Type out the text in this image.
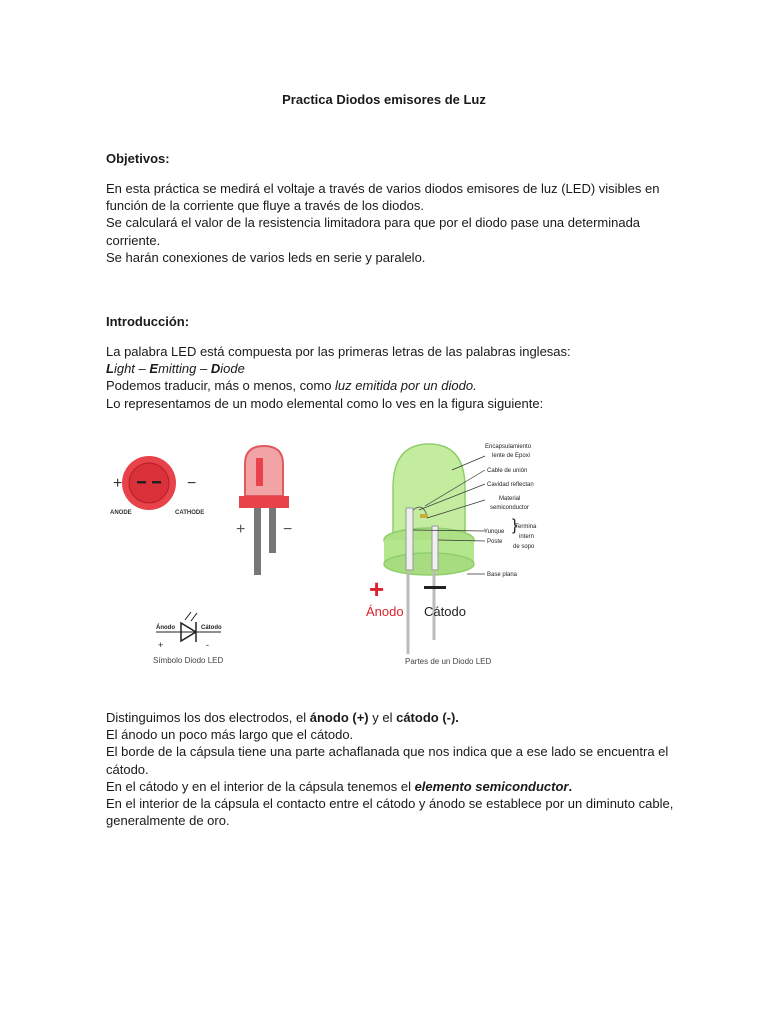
Practica Diodos emisores de Luz
Objetivos:
En esta práctica se medirá el voltaje a través de varios diodos emisores de luz (LED) visibles en
función de la corriente que fluye a través de los diodos.
Se calculará el valor de la resistencia limitadora para que por el diodo pase una determinada
corriente.
Se harán conexiones de varios leds en serie y paralelo.
Introducción:
La palabra LED está compuesta por las primeras letras de las palabras inglesas:
Light – Emitting – Diode
Podemos traducir, más o menos, como luz emitida por un diodo.
Lo representamos de un modo elemental como lo ves en la figura siguiente:
+	−
ANODE	CATHODE
+ −
Ánodo	Cátodo
+	-
Símbolo Diodo LED
Encapsulamiento
lente de Epoxi
Cable de unión
Cavidad reflectan
Material
semiconductor
Yunque
Poste
}
Termina
intern
de sopo
Base plana
+
Ánodo Cátodo
Partes de un Diodo LED
Distinguimos los dos electrodos, el ánodo (+) y el cátodo (-).
El ánodo un poco más largo que el cátodo.
El borde de la cápsula tiene una parte achaflanada que nos indica que a ese lado se encuentra el
cátodo.
En el cátodo y en el interior de la cápsula tenemos el elemento semiconductor.
En el interior de la cápsula el contacto entre el cátodo y ánodo se establece por un diminuto cable,
generalmente de oro.
